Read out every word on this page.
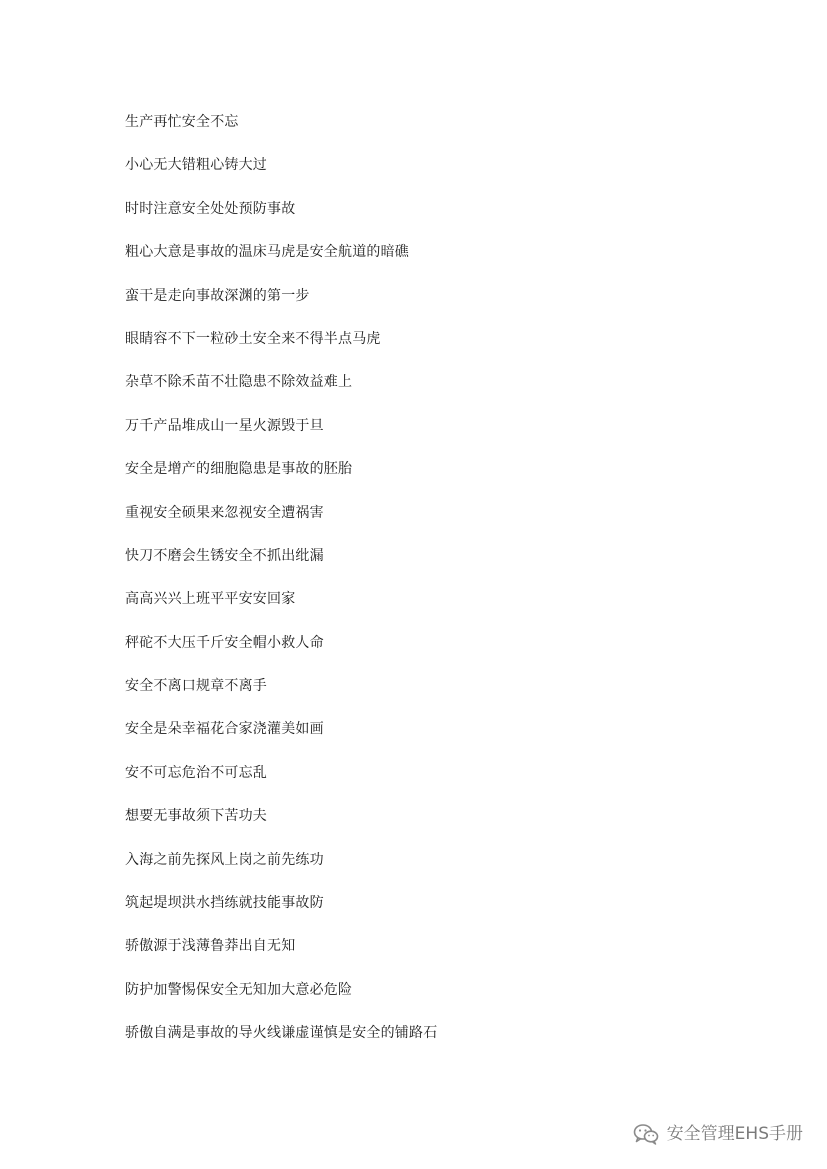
生产再忙安全不忘
小心无大错粗心铸大过
时时注意安全处处预防事故
粗心大意是事故的温床马虎是安全航道的暗礁
蛮干是走向事故深渊的第一步
眼睛容不下一粒砂土安全来不得半点马虎
杂草不除禾苗不壮隐患不除效益难上
万千产品堆成山一星火源毁于旦
安全是增产的细胞隐患是事故的胚胎
重视安全硕果来忽视安全遭祸害
快刀不磨会生锈安全不抓出纰漏
高高兴兴上班平平安安回家
秤砣不大压千斤安全帽小救人命
安全不离口规章不离手
安全是朵幸福花合家浇灌美如画
安不可忘危治不可忘乱
想要无事故须下苦功夫
入海之前先探风上岗之前先练功
筑起堤坝洪水挡练就技能事故防
骄傲源于浅薄鲁莽出自无知
防护加警惕保安全无知加大意必危险
骄傲自满是事故的导火线谦虚谨慎是安全的铺路石
安全管理EHS手册
